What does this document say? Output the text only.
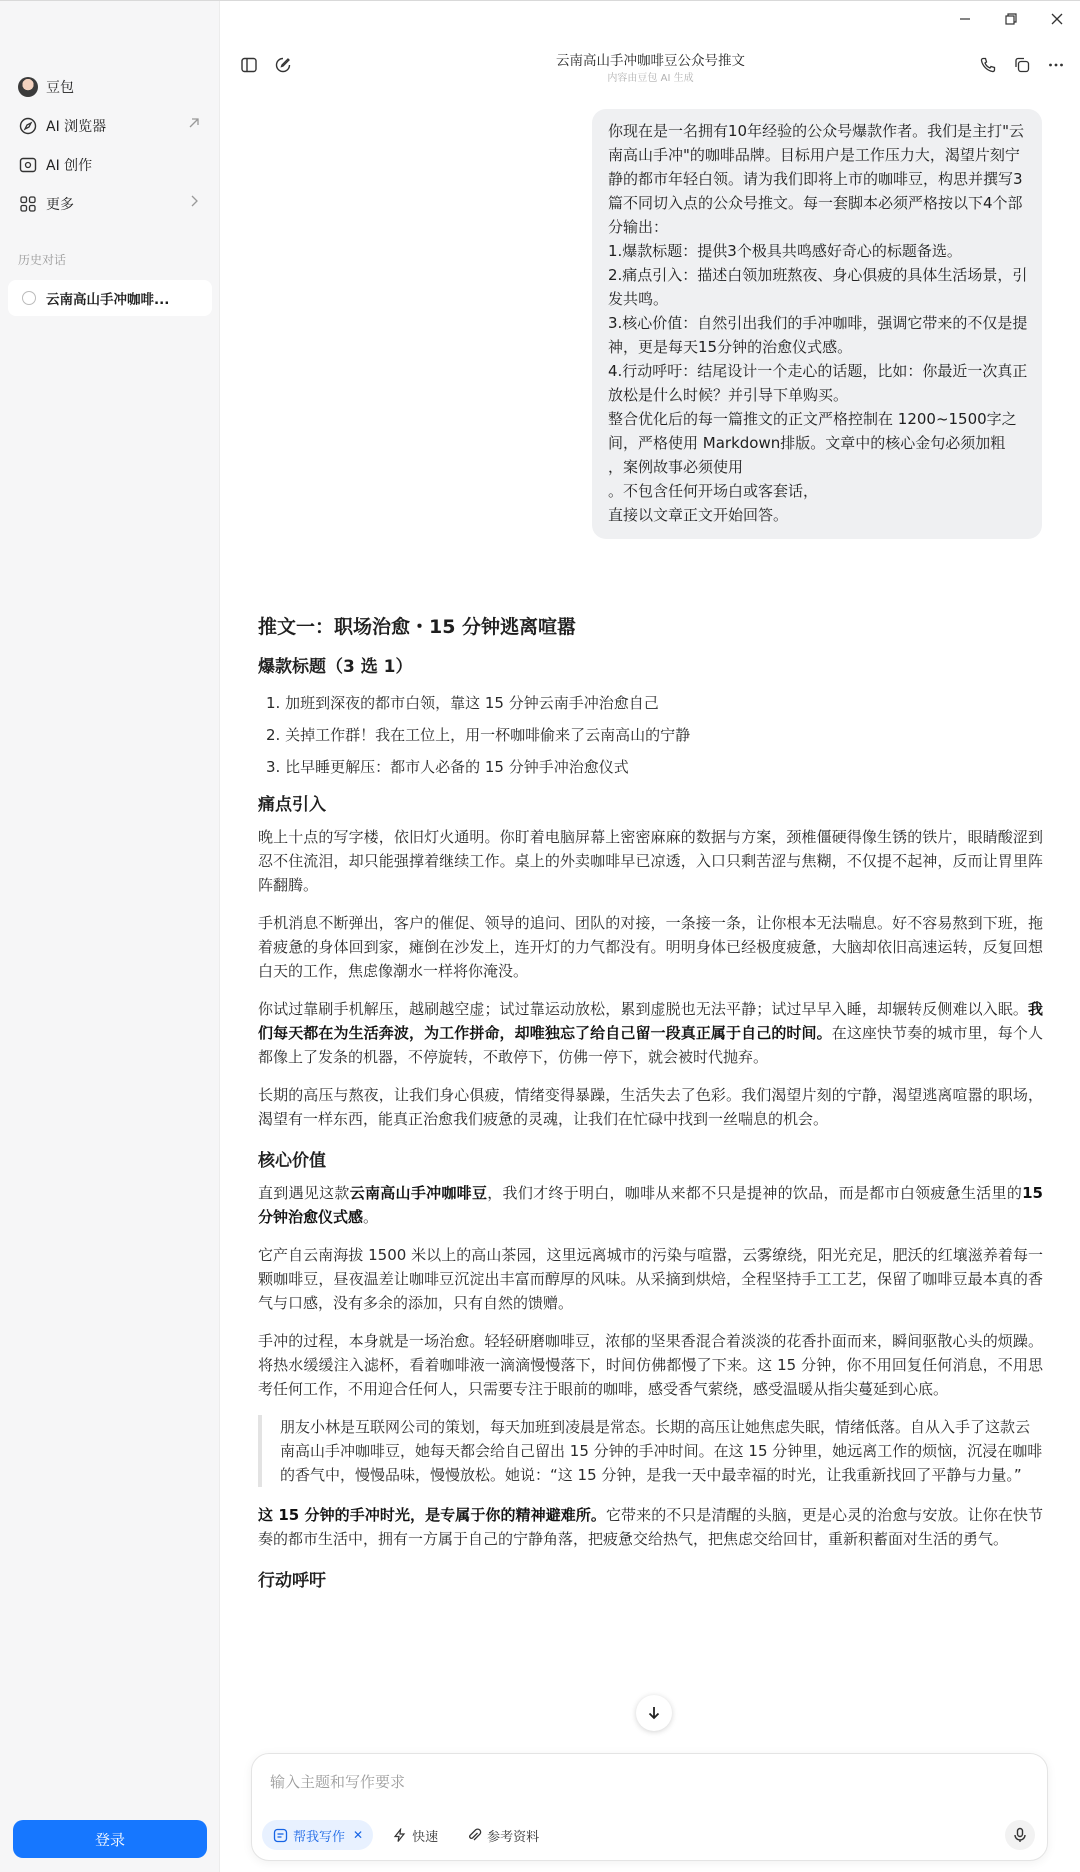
豆包
AI 浏览器
AI 创作
更多
历史对话
云南高山手冲咖啡...
登录
云南高山手冲咖啡豆公众号推文
内容由豆包 AI 生成
你现在是一名拥有10年经验的公众号爆款作者。我们是主打"云南高山手冲"的咖啡品牌。目标用户是工作压力大，渴望片刻宁静的都市年轻白领。请为我们即将上市的咖啡豆，构思并撰写3篇不同切入点的公众号推文。每一套脚本必须严格按以下4个部分输出：
1.爆款标题：提供3个极具共鸣感好奇心的标题备选。
2.痛点引入：描述白领加班熬夜、身心俱疲的具体生活场景，引发共鸣。
3.核心价值：自然引出我们的手冲咖啡，强调它带来的不仅是提神，更是每天15分钟的治愈仪式感。
4.行动呼吁：结尾设计一个走心的话题，比如：你最近一次真正放松是什么时候？并引导下单购买。
整合优化后的每一篇推文的正文严格控制在 1200~1500字之间，严格使用 Markdown排版。文章中的核心金句必须加粗
，案例故事必须使用
。不包含任何开场白或客套话，
直接以文章正文开始回答。
推文一：职场治愈・15 分钟逃离喧嚣
爆款标题（3 选 1）
1. 加班到深夜的都市白领，靠这 15 分钟云南手冲治愈自己
2. 关掉工作群！我在工位上，用一杯咖啡偷来了云南高山的宁静
3. 比早睡更解压：都市人必备的 15 分钟手冲治愈仪式
痛点引入

晚上十点的写字楼，依旧灯火通明。你盯着电脑屏幕上密密麻麻的数据与方案，颈椎僵硬得像生锈的铁片，眼睛酸涩到忍不住流泪，却只能强撑着继续工作。桌上的外卖咖啡早已凉透，入口只剩苦涩与焦糊，不仅提不起神，反而让胃里阵阵翻腾。

手机消息不断弹出，客户的催促、领导的追问、团队的对接，一条接一条，让你根本无法喘息。好不容易熬到下班，拖着疲惫的身体回到家，瘫倒在沙发上，连开灯的力气都没有。明明身体已经极度疲惫，大脑却依旧高速运转，反复回想白天的工作，焦虑像潮水一样将你淹没。

你试过靠刷手机解压，越刷越空虚；试过靠运动放松，累到虚脱也无法平静；试过早早入睡，却辗转反侧难以入眠。我们每天都在为生活奔波，为工作拼命，却唯独忘了给自己留一段真正属于自己的时间。在这座快节奏的城市里，每个人都像上了发条的机器，不停旋转，不敢停下，仿佛一停下，就会被时代抛弃。

长期的高压与熬夜，让我们身心俱疲，情绪变得暴躁，生活失去了色彩。我们渴望片刻的宁静，渴望逃离喧嚣的职场，渴望有一样东西，能真正治愈我们疲惫的灵魂，让我们在忙碌中找到一丝喘息的机会。

核心价值

直到遇见这款云南高山手冲咖啡豆，我们才终于明白，咖啡从来都不只是提神的饮品，而是都市白领疲惫生活里的15 分钟治愈仪式感。

它产自云南海拔 1500 米以上的高山茶园，这里远离城市的污染与喧嚣，云雾缭绕，阳光充足，肥沃的红壤滋养着每一颗咖啡豆，昼夜温差让咖啡豆沉淀出丰富而醇厚的风味。从采摘到烘焙，全程坚持手工工艺，保留了咖啡豆最本真的香气与口感，没有多余的添加，只有自然的馈赠。

手冲的过程，本身就是一场治愈。轻轻研磨咖啡豆，浓郁的坚果香混合着淡淡的花香扑面而来，瞬间驱散心头的烦躁。将热水缓缓注入滤杯，看着咖啡液一滴滴慢慢落下，时间仿佛都慢了下来。这 15 分钟，你不用回复任何消息，不用思考任何工作，不用迎合任何人，只需要专注于眼前的咖啡，感受香气萦绕，感受温暖从指尖蔓延到心底。

朋友小林是互联网公司的策划，每天加班到凌晨是常态。长期的高压让她焦虑失眠，情绪低落。自从入手了这款云南高山手冲咖啡豆，她每天都会给自己留出 15 分钟的手冲时间。在这 15 分钟里，她远离工作的烦恼，沉浸在咖啡的香气中，慢慢品味，慢慢放松。她说：“这 15 分钟，是我一天中最幸福的时光，让我重新找回了平静与力量。”

这 15 分钟的手冲时光，是专属于你的精神避难所。它带来的不只是清醒的头脑，更是心灵的治愈与安放。让你在快节奏的都市生活中，拥有一方属于自己的宁静角落，把疲惫交给热气，把焦虑交给回甘，重新积蓄面对生活的勇气。

行动呼吁
输入主题和写作要求
帮我写作 ✕	快速	参考资料
